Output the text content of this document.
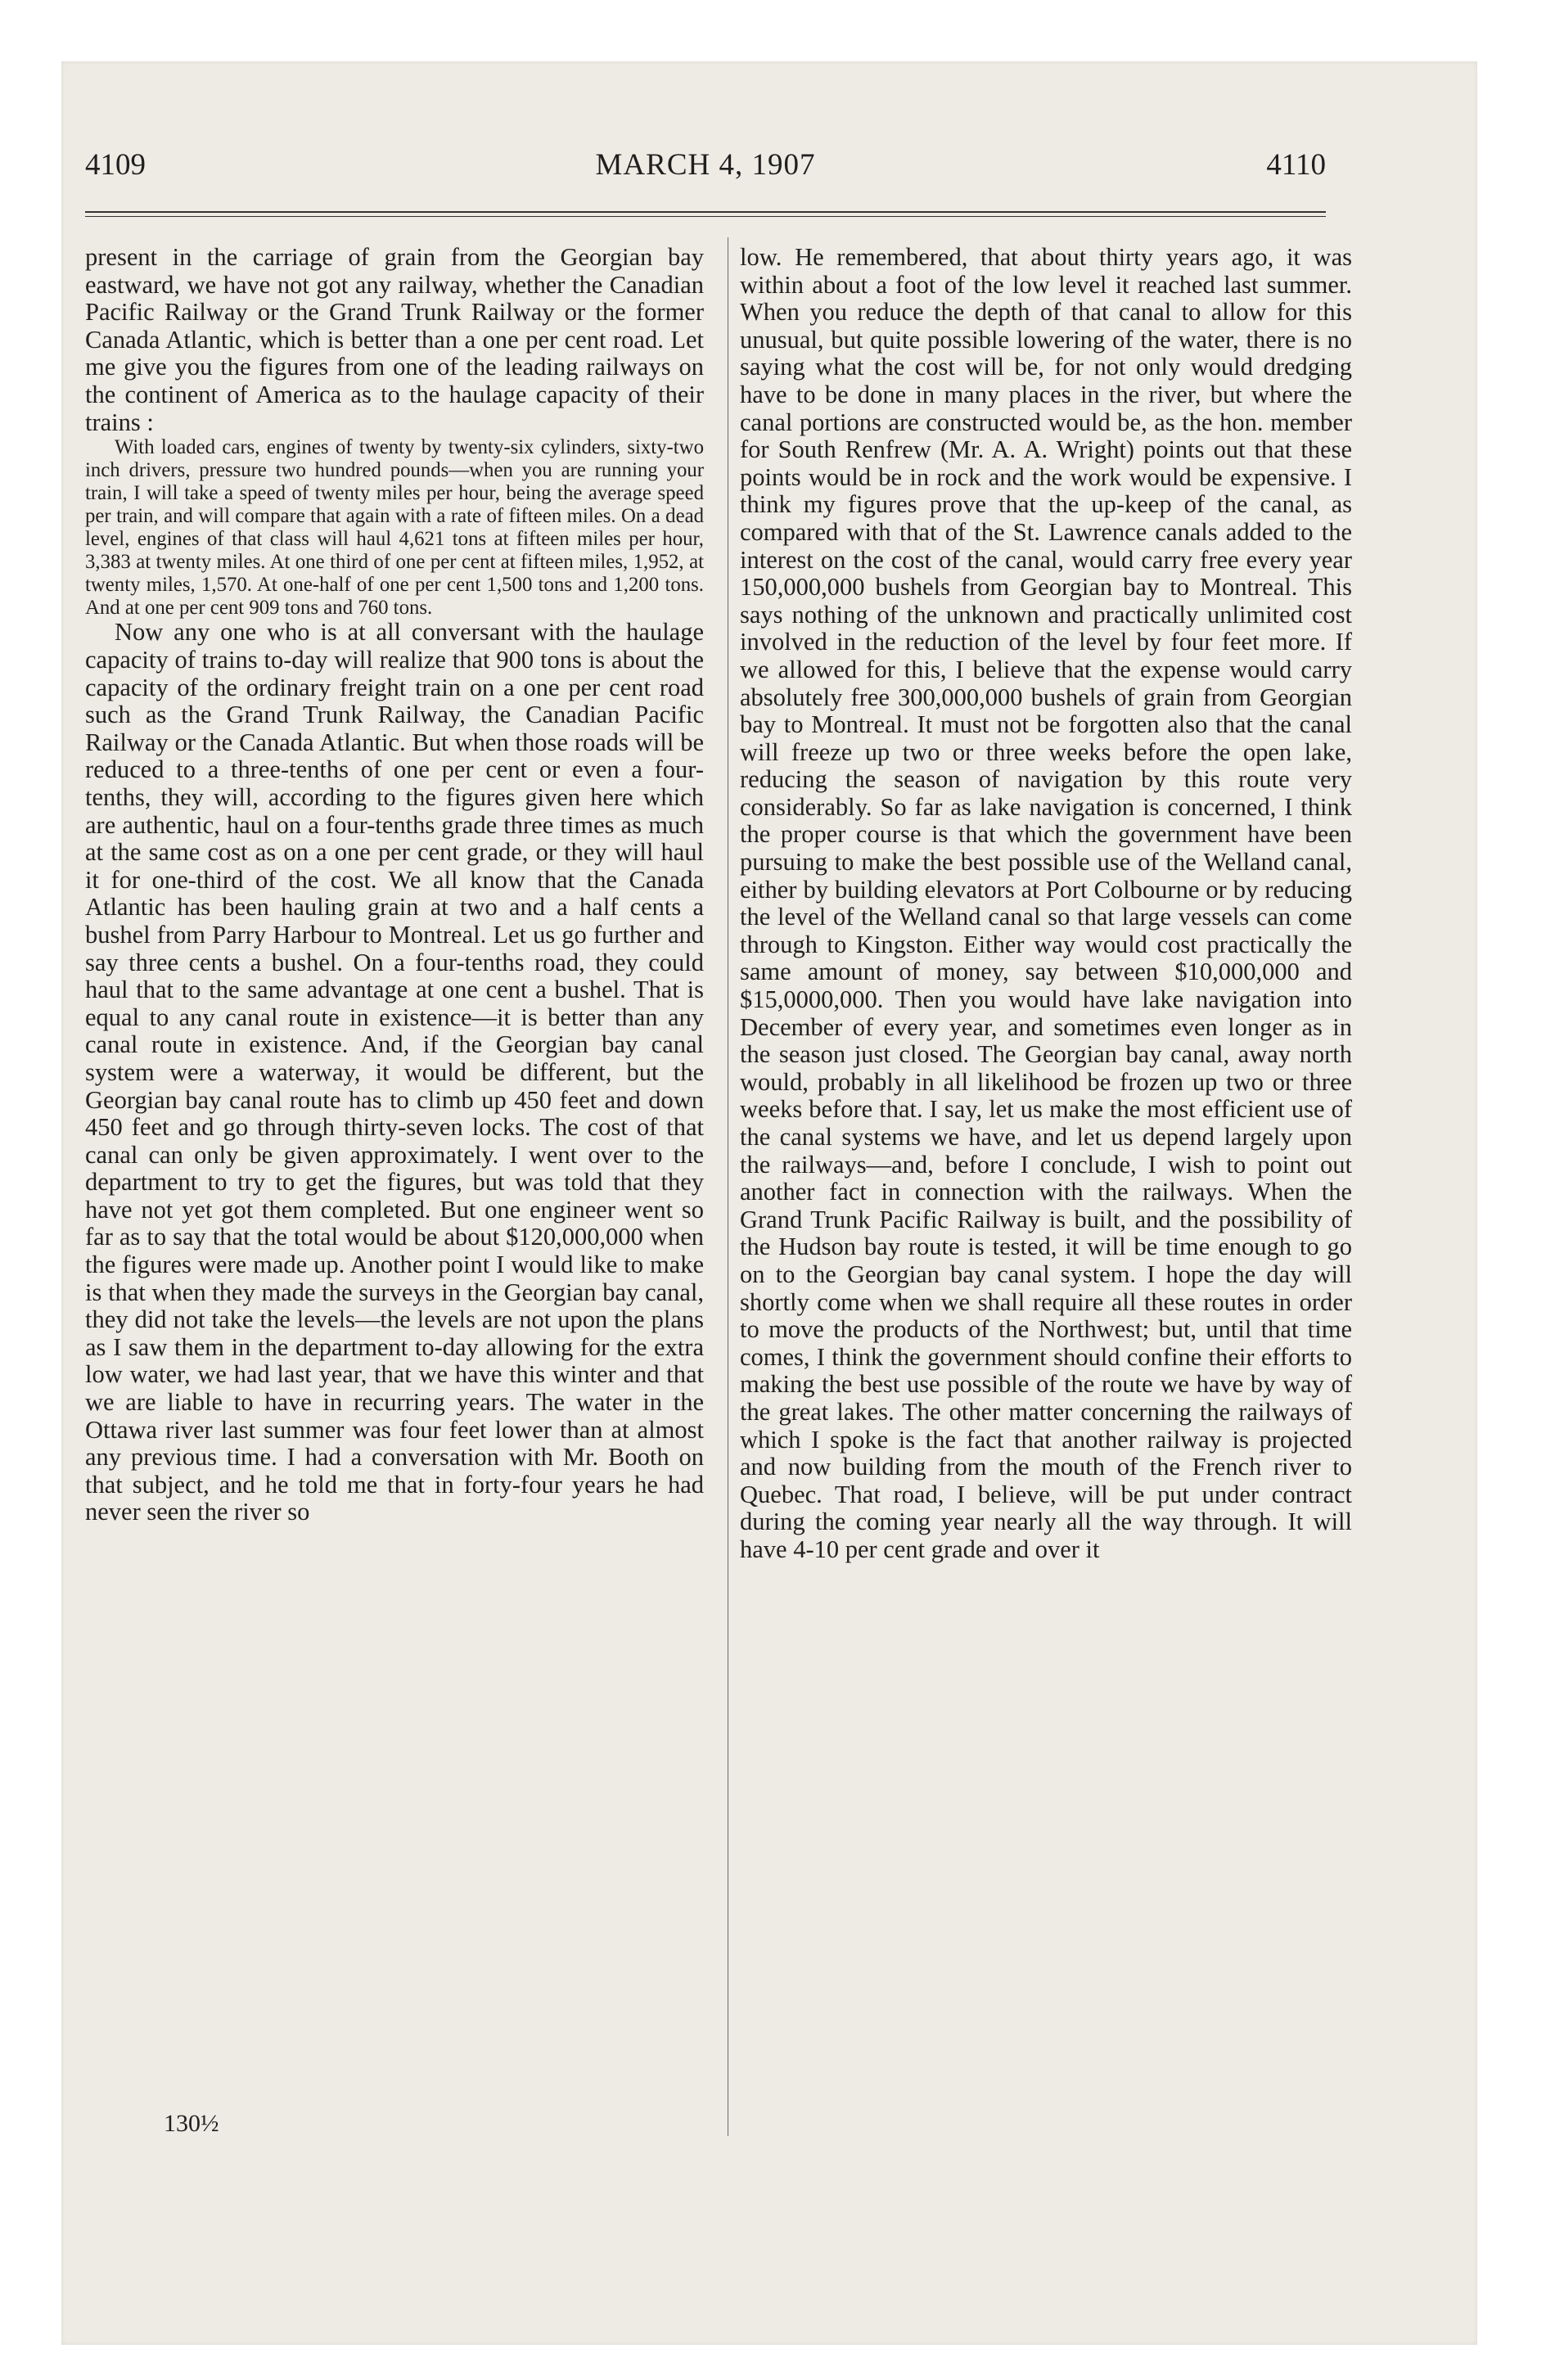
4109	MARCH 4, 1907	4110

present in the carriage of grain from the Georgian bay eastward, we have not got any railway, whether the Canadian Pacific Railway or the Grand Trunk Railway or the former Canada Atlantic, which is better than a one per cent road. Let me give you the figures from one of the leading railways on the continent of America as to the haulage capacity of their trains :

With loaded cars, engines of twenty by twenty-six cylinders, sixty-two inch drivers, pressure two hundred pounds—when you are running your train, I will take a speed of twenty miles per hour, being the average speed per train, and will compare that again with a rate of fifteen miles. On a dead level, engines of that class will haul 4,621 tons at fifteen miles per hour, 3,383 at twenty miles. At one third of one per cent at fifteen miles, 1,952, at twenty miles, 1,570. At one-half of one per cent 1,500 tons and 1,200 tons. And at one per cent 909 tons and 760 tons.

Now any one who is at all conversant with the haulage capacity of trains to-day will realize that 900 tons is about the capacity of the ordinary freight train on a one per cent road such as the Grand Trunk Railway, the Canadian Pacific Railway or the Canada Atlantic. But when those roads will be reduced to a three-tenths of one per cent or even a four-tenths, they will, according to the figures given here which are authentic, haul on a four-tenths grade three times as much at the same cost as on a one per cent grade, or they will haul it for one-third of the cost. We all know that the Canada Atlantic has been hauling grain at two and a half cents a bushel from Parry Harbour to Montreal. Let us go further and say three cents a bushel. On a four-tenths road, they could haul that to the same advantage at one cent a bushel. That is equal to any canal route in existence—it is better than any canal route in existence. And, if the Georgian bay canal system were a waterway, it would be different, but the Georgian bay canal route has to climb up 450 feet and down 450 feet and go through thirty-seven locks. The cost of that canal can only be given approximately. I went over to the department to try to get the figures, but was told that they have not yet got them completed. But one engineer went so far as to say that the total would be about $120,000,000 when the figures were made up. Another point I would like to make is that when they made the surveys in the Georgian bay canal, they did not take the levels—the levels are not upon the plans as I saw them in the department to-day allowing for the extra low water, we had last year, that we have this winter and that we are liable to have in recurring years. The water in the Ottawa river last summer was four feet lower than at almost any previous time. I had a conversation with Mr. Booth on that subject, and he told me that in forty-four years he had never seen the river so

low. He remembered, that about thirty years ago, it was within about a foot of the low level it reached last summer. When you reduce the depth of that canal to allow for this unusual, but quite possible lowering of the water, there is no saying what the cost will be, for not only would dredging have to be done in many places in the river, but where the canal portions are constructed would be, as the hon. member for South Renfrew (Mr. A. A. Wright) points out that these points would be in rock and the work would be expensive. I think my figures prove that the up-keep of the canal, as compared with that of the St. Lawrence canals added to the interest on the cost of the canal, would carry free every year 150,000,000 bushels from Georgian bay to Montreal. This says nothing of the unknown and practically unlimited cost involved in the reduction of the level by four feet more. If we allowed for this, I believe that the expense would carry absolutely free 300,000,000 bushels of grain from Georgian bay to Montreal. It must not be forgotten also that the canal will freeze up two or three weeks before the open lake, reducing the season of navigation by this route very considerably. So far as lake navigation is concerned, I think the proper course is that which the government have been pursuing to make the best possible use of the Welland canal, either by building elevators at Port Colbourne or by reducing the level of the Welland canal so that large vessels can come through to Kingston. Either way would cost practically the same amount of money, say between $10,000,000 and $15,0000,000. Then you would have lake navigation into December of every year, and sometimes even longer as in the season just closed. The Georgian bay canal, away north would, probably in all likelihood be frozen up two or three weeks before that. I say, let us make the most efficient use of the canal systems we have, and let us depend largely upon the railways—and, before I conclude, I wish to point out another fact in connection with the railways. When the Grand Trunk Pacific Railway is built, and the possibility of the Hudson bay route is tested, it will be time enough to go on to the Georgian bay canal system. I hope the day will shortly come when we shall require all these routes in order to move the products of the Northwest; but, until that time comes, I think the government should confine their efforts to making the best use possible of the route we have by way of the great lakes. The other matter concerning the railways of which I spoke is the fact that another railway is projected and now building from the mouth of the French river to Quebec. That road, I believe, will be put under contract during the coming year nearly all the way through. It will have 4-10 per cent grade and over it

130½
